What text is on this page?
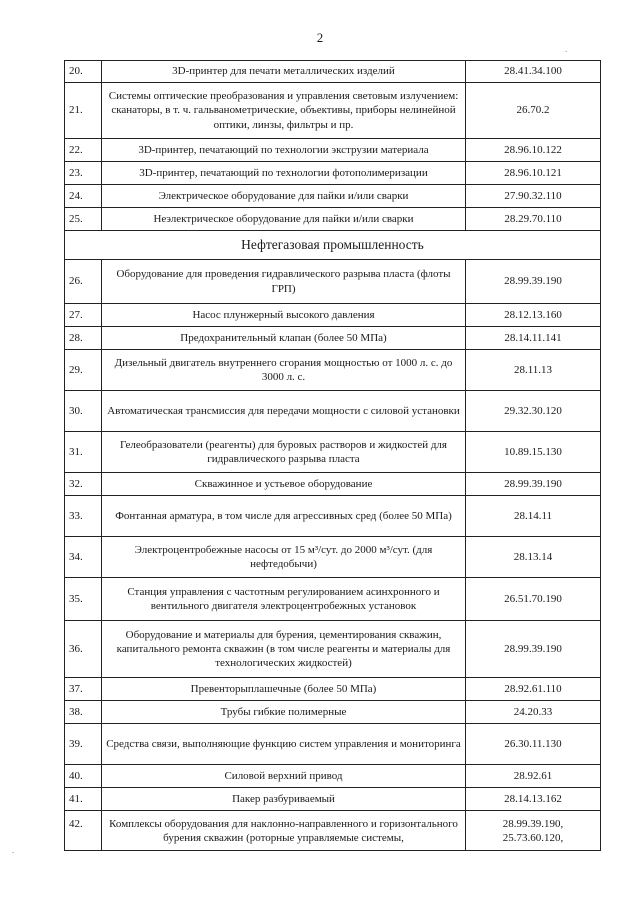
2
20.	3D-принтер для печати металлических изделий	28.41.34.100
21.	Системы оптические преобразования и управления световым излучением: сканаторы, в т. ч. гальванометрические, объективы, приборы нелинейной оптики, линзы, фильтры и пр.	26.70.2
22.	3D-принтер, печатающий по технологии экструзии материала	28.96.10.122
23.	3D-принтер, печатающий по технологии фотополимеризации	28.96.10.121
24.	Электрическое оборудование для пайки и/или сварки	27.90.32.110
25.	Неэлектрическое оборудование для пайки и/или сварки	28.29.70.110
Нефтегазовая промышленность		
26.	Оборудование для проведения гидравлического разрыва пласта (флоты ГРП)	28.99.39.190
27.	Насос плунжерный высокого давления	28.12.13.160
28.	Предохранительный клапан (более 50 МПа)	28.14.11.141
29.	Дизельный двигатель внутреннего сгорания мощностью от 1000 л. с. до 3000 л. с.	28.11.13
30.	Автоматическая трансмиссия для передачи мощности с силовой установки	29.32.30.120
31.	Гелеобразователи (реагенты) для буровых растворов и жидкостей для гидравлического разрыва пласта	10.89.15.130
32.	Скважинное и устьевое оборудование	28.99.39.190
33.	Фонтанная арматура, в том числе для агрессивных сред (более 50 МПа)	28.14.11
34.	Электроцентробежные насосы от 15 м³/сут. до 2000 м³/сут. (для нефтедобычи)	28.13.14
35.	Станция управления с частотным регулированием асинхронного и вентильного двигателя электроцентробежных установок	26.51.70.190
36.	Оборудование и материалы для бурения, цементирования скважин, капитального ремонта скважин (в том числе реагенты и материалы для технологических жидкостей)	28.99.39.190
37.	Превенторыплашечные (более 50 МПа)	28.92.61.110
38.	Трубы гибкие полимерные	24.20.33
39.	Средства связи, выполняющие функцию систем управления и мониторинга	26.30.11.130
40.	Силовой верхний привод	28.92.61
41.	Пакер разбуриваемый	28.14.13.162
42.	Комплексы оборудования для наклонно-направленного и горизонтального бурения скважин (роторные управляемые системы,	28.99.39.190,
25.73.60.120,
.
.
